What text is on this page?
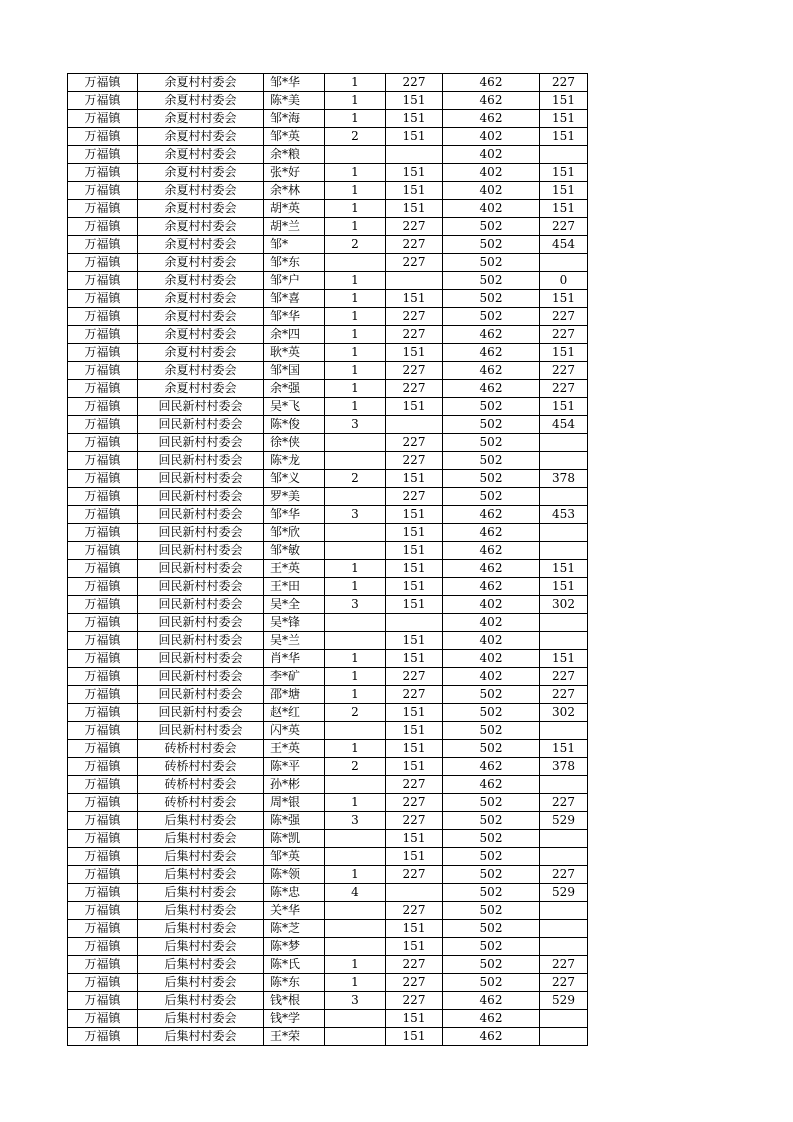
万福镇	余夏村村委会	邹*华	1	227	462	227
万福镇	余夏村村委会	陈*美	1	151	462	151
万福镇	余夏村村委会	邹*海	1	151	462	151
万福镇	余夏村村委会	邹*英	2	151	402	151
万福镇	余夏村村委会	余*粮			402	
万福镇	余夏村村委会	张*好	1	151	402	151
万福镇	余夏村村委会	余*林	1	151	402	151
万福镇	余夏村村委会	胡*英	1	151	402	151
万福镇	余夏村村委会	胡*兰	1	227	502	227
万福镇	余夏村村委会	邹*	2	227	502	454
万福镇	余夏村村委会	邹*东		227	502	
万福镇	余夏村村委会	邹*户	1		502	0
万福镇	余夏村村委会	邹*喜	1	151	502	151
万福镇	余夏村村委会	邹*华	1	227	502	227
万福镇	余夏村村委会	余*四	1	227	462	227
万福镇	余夏村村委会	耿*英	1	151	462	151
万福镇	余夏村村委会	邹*国	1	227	462	227
万福镇	余夏村村委会	余*强	1	227	462	227
万福镇	回民新村村委会	吴*飞	1	151	502	151
万福镇	回民新村村委会	陈*俊	3		502	454
万福镇	回民新村村委会	徐*侠		227	502	
万福镇	回民新村村委会	陈*龙		227	502	
万福镇	回民新村村委会	邹*义	2	151	502	378
万福镇	回民新村村委会	罗*美		227	502	
万福镇	回民新村村委会	邹*华	3	151	462	453
万福镇	回民新村村委会	邹*欣		151	462	
万福镇	回民新村村委会	邹*敏		151	462	
万福镇	回民新村村委会	王*英	1	151	462	151
万福镇	回民新村村委会	王*田	1	151	462	151
万福镇	回民新村村委会	吴*全	3	151	402	302
万福镇	回民新村村委会	吴*锋			402	
万福镇	回民新村村委会	吴*兰		151	402	
万福镇	回民新村村委会	肖*华	1	151	402	151
万福镇	回民新村村委会	李*矿	1	227	402	227
万福镇	回民新村村委会	邵*塘	1	227	502	227
万福镇	回民新村村委会	赵*红	2	151	502	302
万福镇	回民新村村委会	闪*英		151	502	
万福镇	砖桥村村委会	王*英	1	151	502	151
万福镇	砖桥村村委会	陈*平	2	151	462	378
万福镇	砖桥村村委会	孙*彬		227	462	
万福镇	砖桥村村委会	周*银	1	227	502	227
万福镇	后集村村委会	陈*强	3	227	502	529
万福镇	后集村村委会	陈*凯		151	502	
万福镇	后集村村委会	邹*英		151	502	
万福镇	后集村村委会	陈*领	1	227	502	227
万福镇	后集村村委会	陈*忠	4		502	529
万福镇	后集村村委会	关*华		227	502	
万福镇	后集村村委会	陈*芝		151	502	
万福镇	后集村村委会	陈*梦		151	502	
万福镇	后集村村委会	陈*氏	1	227	502	227
万福镇	后集村村委会	陈*东	1	227	502	227
万福镇	后集村村委会	钱*根	3	227	462	529
万福镇	后集村村委会	钱*学		151	462	
万福镇	后集村村委会	王*荣		151	462	
